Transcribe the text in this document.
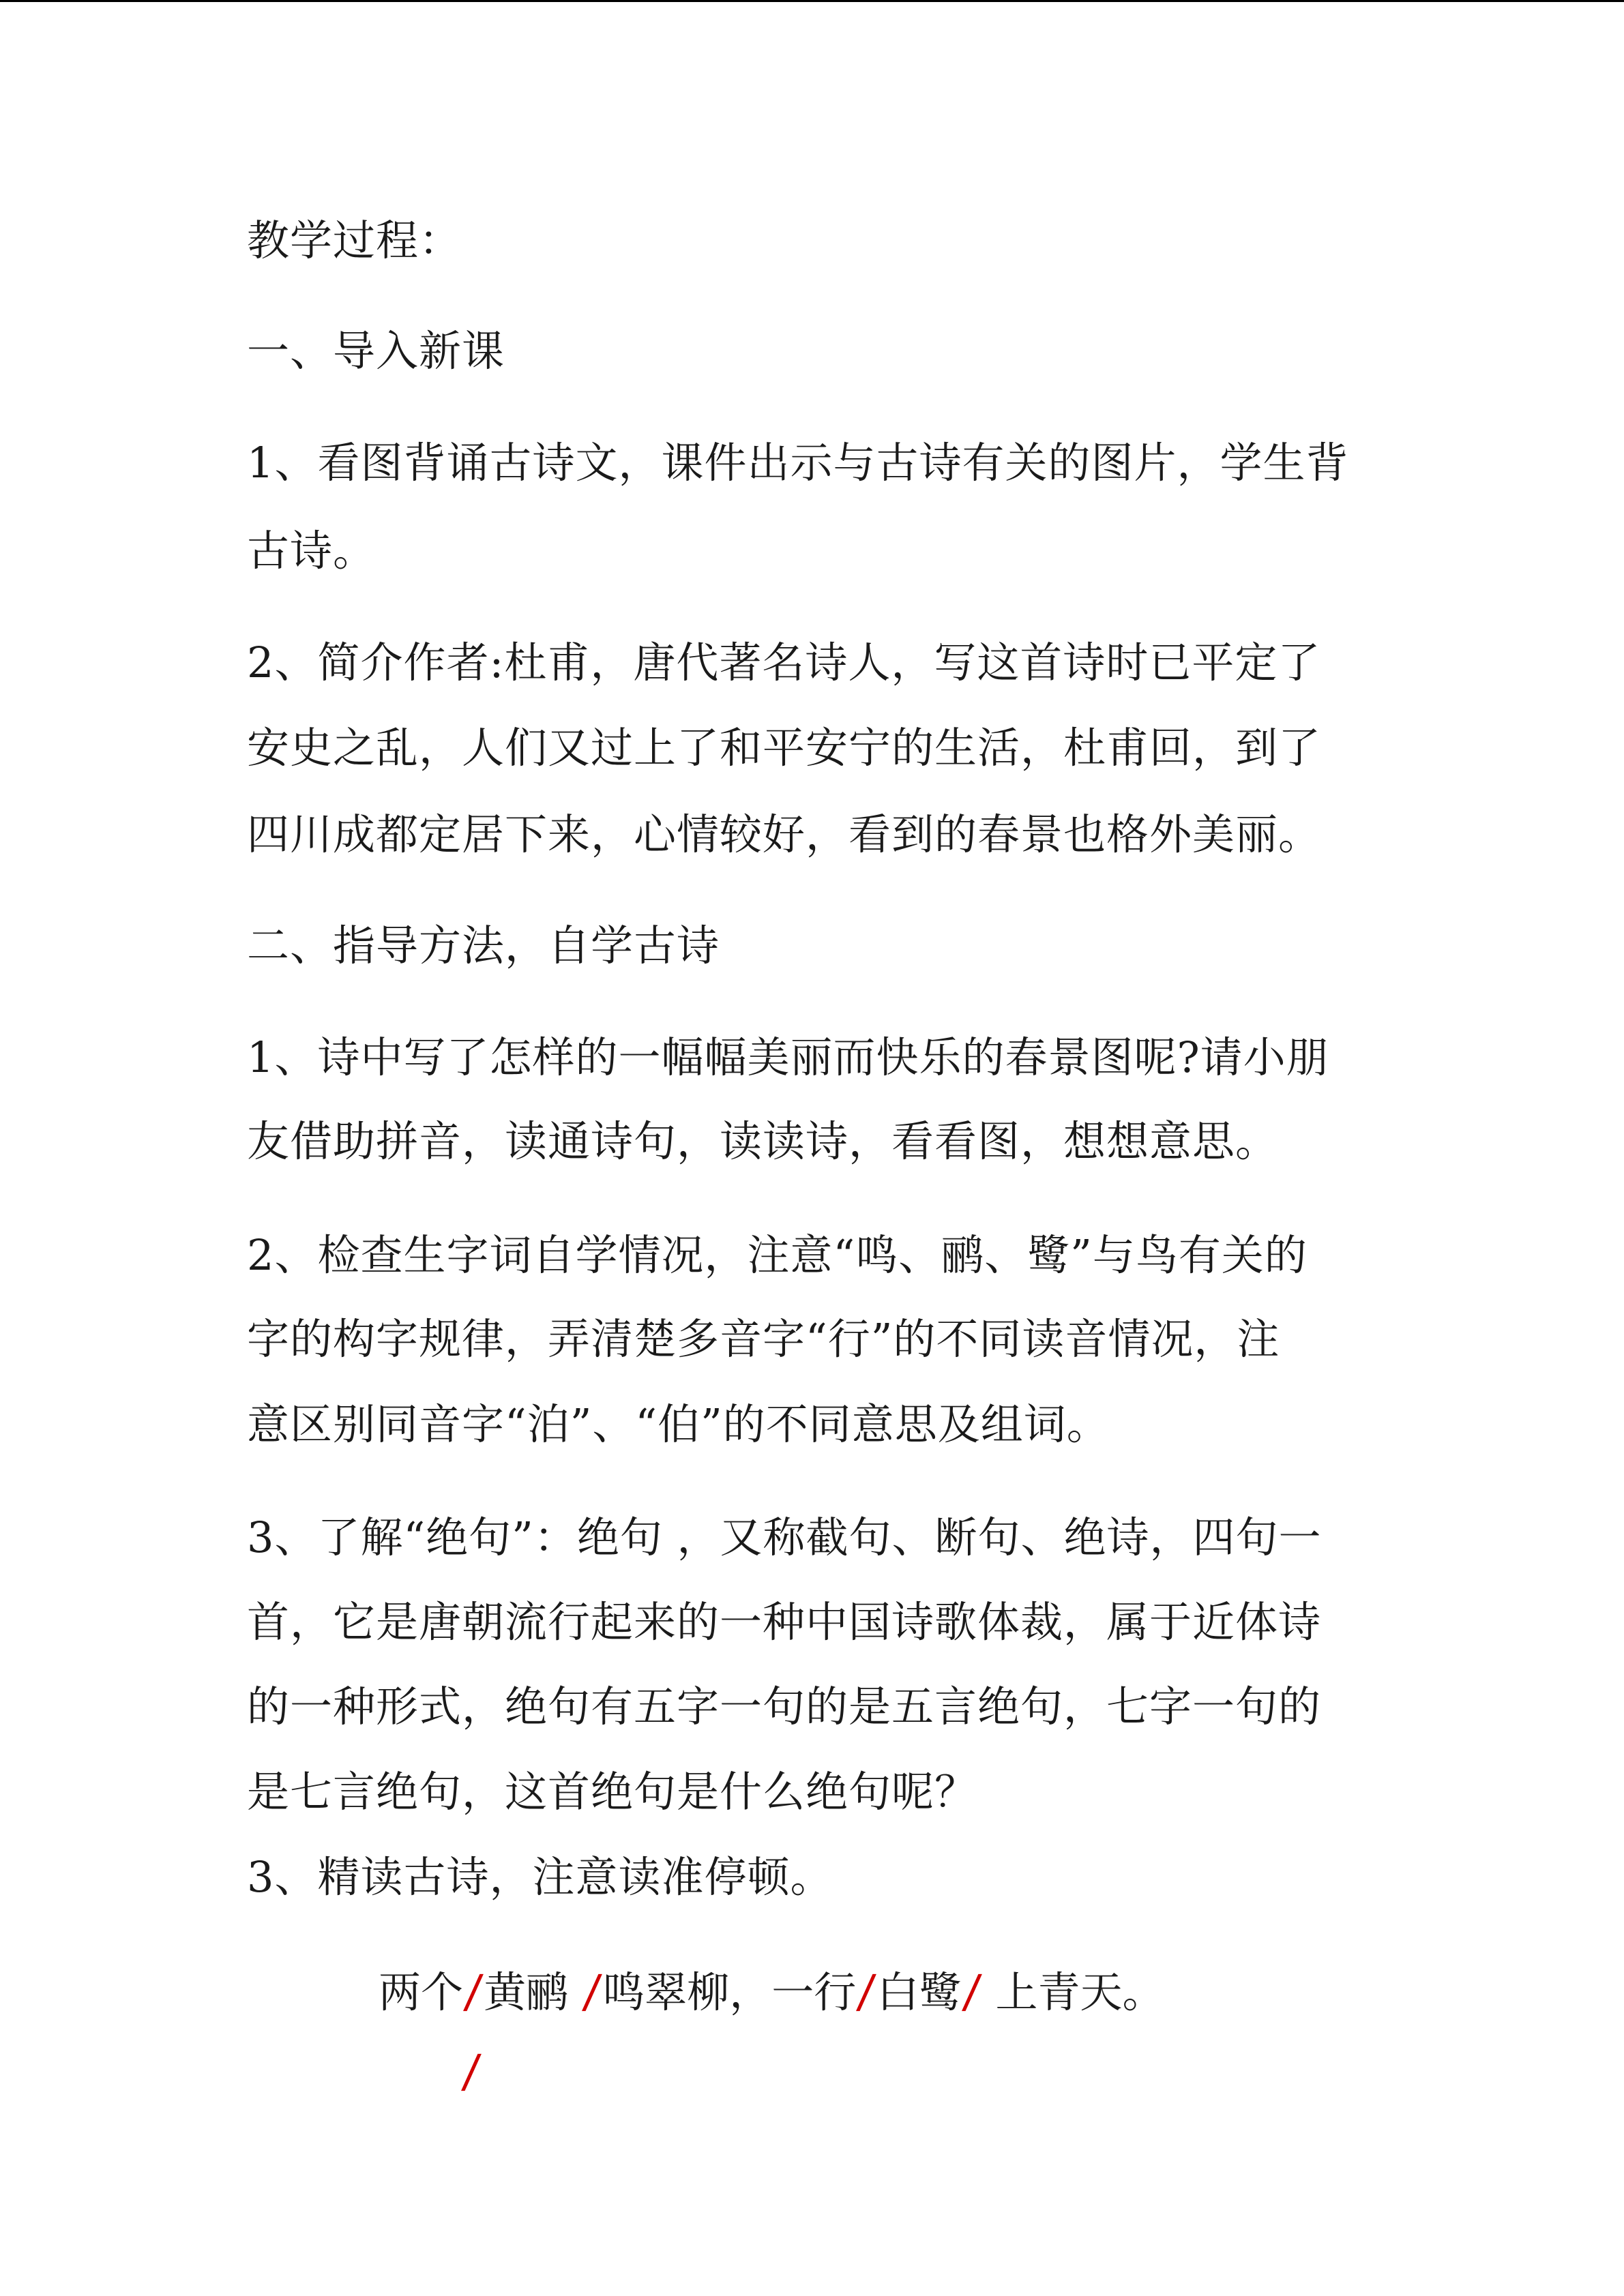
教学过程：
一、导入新课
1、看图背诵古诗文，课件出示与古诗有关的图片，学生背
古诗。
2、简介作者:杜甫，唐代著名诗人，写这首诗时已平定了
安史之乱，人们又过上了和平安宁的生活，杜甫回，到了
四川成都定居下来，心情较好，看到的春景也格外美丽。
二、指导方法，自学古诗
1、诗中写了怎样的一幅幅美丽而快乐的春景图呢?请小朋
友借助拼音，读通诗句，读读诗，看看图，想想意思。
2、检查生字词自学情况，注意“鸣、鹂、鹭”与鸟有关的
字的构字规律，弄清楚多音字“行”的不同读音情况，注
意区别同音字“泊”、“伯”的不同意思及组词。
3、了解“绝句”：绝句 ，又称截句、断句、绝诗，四句一
首，它是唐朝流行起来的一种中国诗歌体裁，属于近体诗
的一种形式，绝句有五字一句的是五言绝句，七字一句的
是七言绝句，这首绝句是什么绝句呢？
3、精读古诗，注意读准停顿。
两个/黄鹂 /鸣翠柳，一行/白鹭/ 上青天。
/
